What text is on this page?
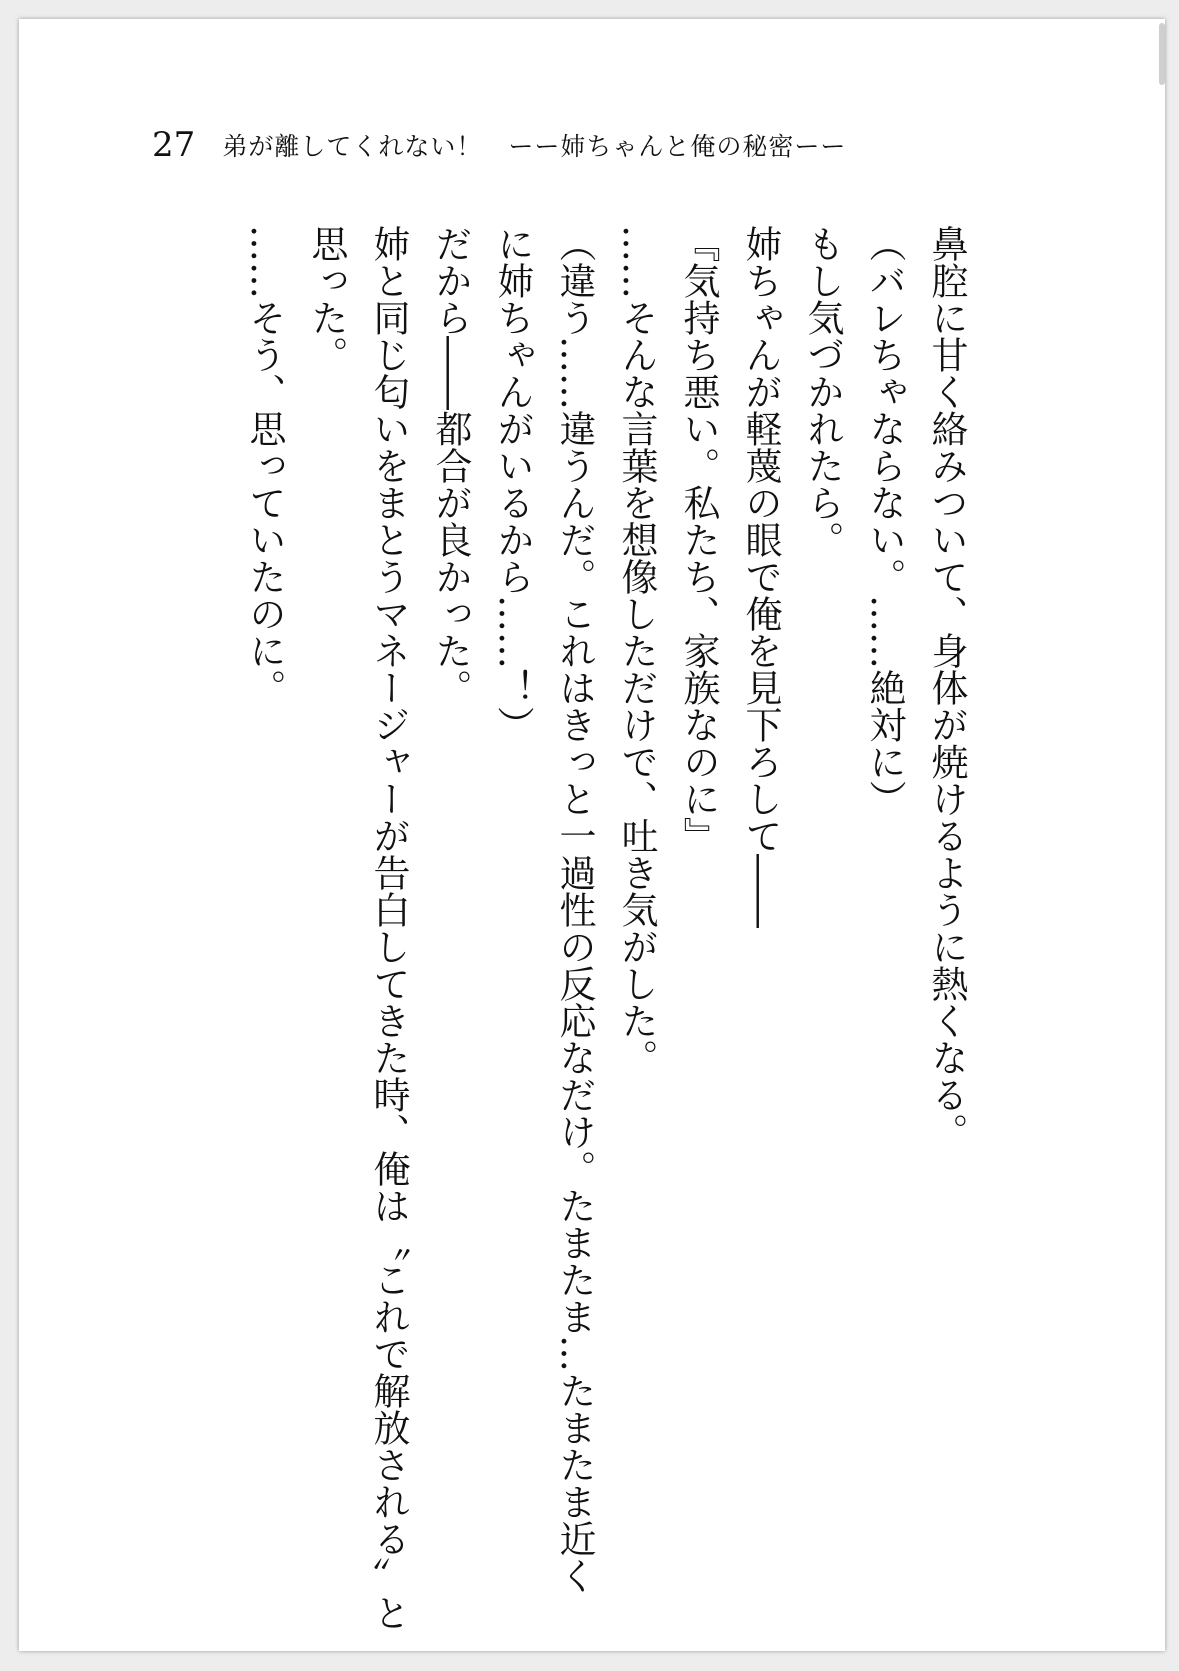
27 弟が離してくれない！　ーー姉ちゃんと俺の秘密ーー
鼻腔に甘く絡みついて、身体が焼けるように熱くなる。
（バレちゃならない。……絶対に）
もし気づかれたら。
姉ちゃんが軽蔑の眼で俺を見下ろして――
『気持ち悪い。私たち、家族なのに』
……そんな言葉を想像しただけで、吐き気がした。
（違う……違うんだ。これはきっと一過性の反応なだけ。たまたま…たまたま近く
に姉ちゃんがいるから……！）
だから――都合が良かった。
姉と同じ匂いをまとうマネージャーが告白してきた時、俺は〝これで解放される〟と
思った。
……そう、思っていたのに。
